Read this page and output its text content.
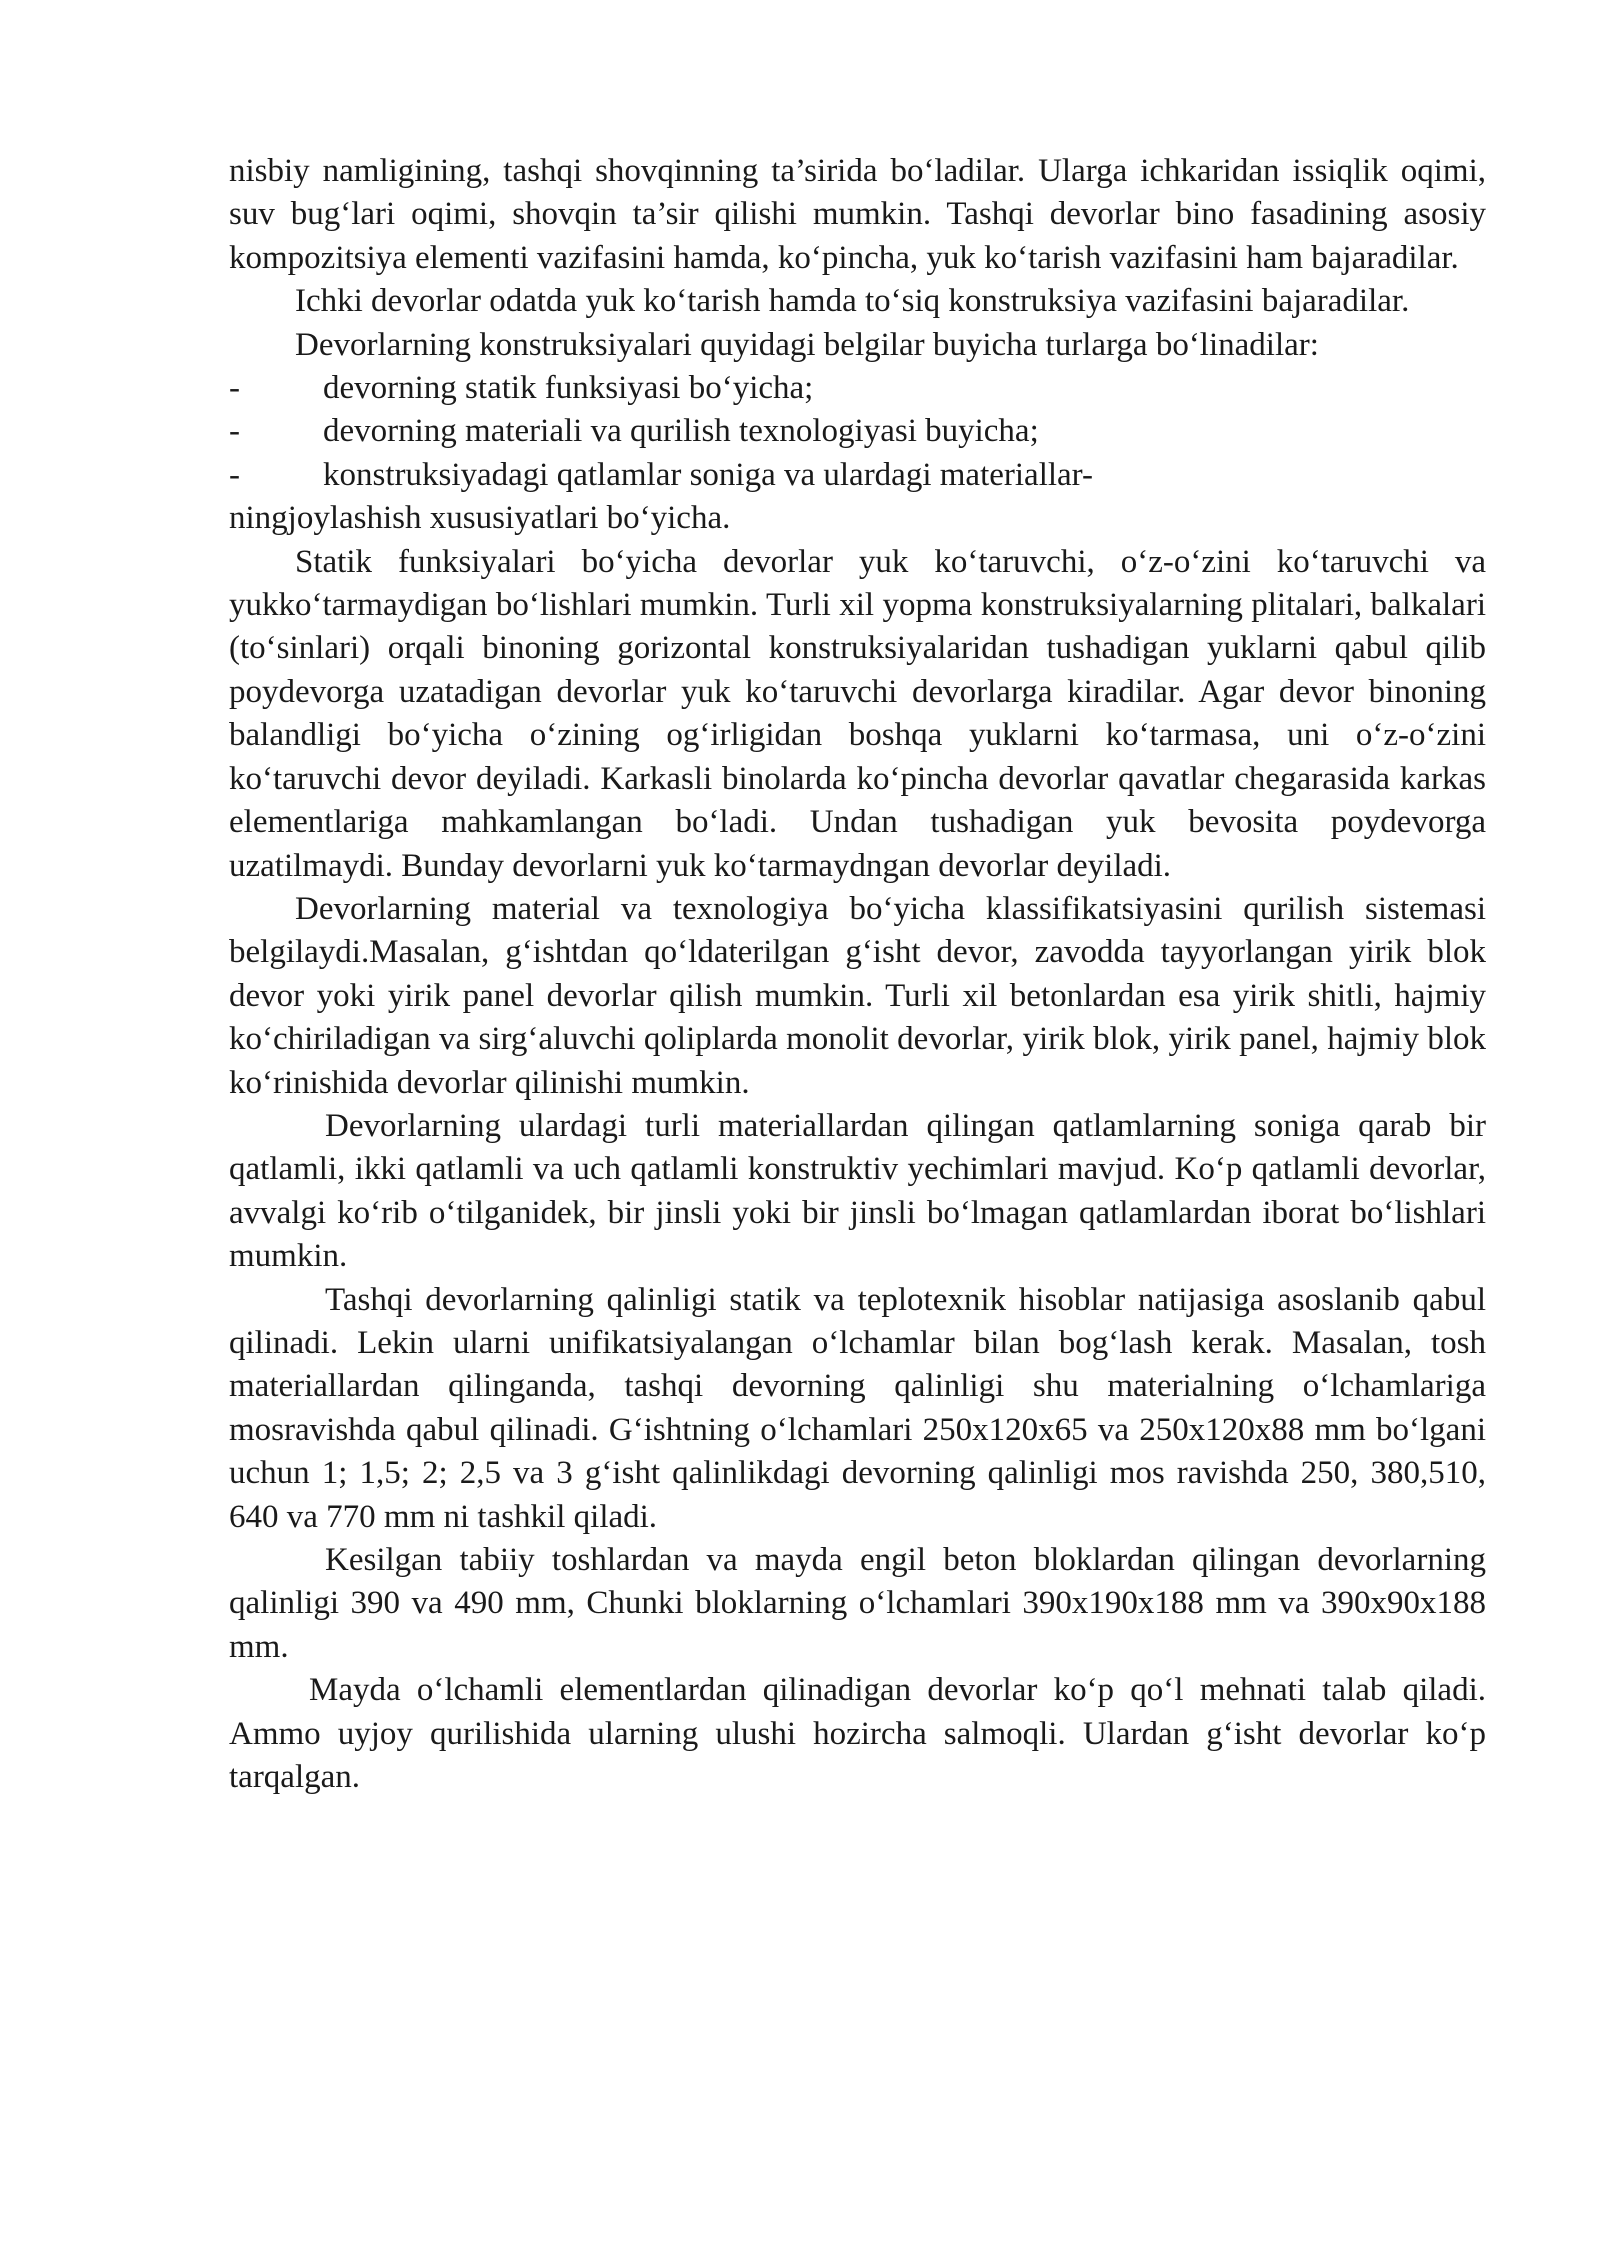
nisbiy namligining, tashqi shovqinning ta’sirida bo‘ladilar. Ularga ichkaridan issiqlik oqimi, suv bug‘lari oqimi, shovqin ta’sir qilishi mumkin. Tashqi devorlar bino fasadining asosiy kompozitsiya elementi vazifasini hamda, ko‘pincha, yuk ko‘tarish vazifasini ham bajaradilar.

Ichki devorlar odatda yuk ko‘tarish hamda to‘siq konstruksiya vazifasini bajaradilar.

Devorlarning konstruksiyalari quyidagi belgilar buyicha turlarga bo‘linadilar:

-	devorning statik funksiyasi bo‘yicha;
-	devorning materiali va qurilish texnologiyasi buyicha;
-	konstruksiyadagi qatlamlar soniga va ulardagi materiallar-

ningjoylashish xususiyatlari bo‘yicha.

Statik funksiyalari bo‘yicha devorlar yuk ko‘taruvchi, o‘z-o‘zini ko‘taruvchi va yukko‘tarmaydigan bo‘lishlari mumkin. Turli xil yopma konstruksiyalarning plitalari, balkalari (to‘sinlari) orqali binoning gorizontal konstruksiyalaridan tushadigan yuklarni qabul qilib poydevorga uzatadigan devorlar yuk ko‘taruvchi devorlarga kiradilar. Agar devor binoning balandligi bo‘yicha o‘zining og‘irligidan boshqa yuklarni ko‘tarmasa, uni o‘z-o‘zini ko‘taruvchi devor deyiladi. Karkasli binolarda ko‘pincha devorlar qavatlar chegarasida karkas elementlariga mahkamlangan bo‘ladi. Undan tushadigan yuk bevosita poydevorga uzatilmaydi. Bunday devorlarni yuk ko‘tarmaydngan devorlar deyiladi.

Devorlarning material va texnologiya bo‘yicha klassifikatsiyasini qurilish sistemasi belgilaydi.Masalan, g‘ishtdan qo‘ldaterilgan g‘isht devor, zavodda tayyorlangan yirik blok devor yoki yirik panel devorlar qilish mumkin. Turli xil betonlardan esa yirik shitli, hajmiy ko‘chiriladigan va sirg‘aluvchi qoliplarda monolit devorlar, yirik blok, yirik panel, hajmiy blok ko‘rinishida devorlar qilinishi mumkin.

Devorlarning ulardagi turli materiallardan qilingan qatlamlarning soniga qarab bir qatlamli, ikki qatlamli va uch qatlamli konstruktiv yechimlari mavjud. Ko‘p qatlamli devorlar, avvalgi ko‘rib o‘tilganidek, bir jinsli yoki bir jinsli bo‘lmagan qatlamlardan iborat bo‘lishlari mumkin.

Tashqi devorlarning qalinligi statik va teplotexnik hisoblar natijasiga asoslanib qabul qilinadi. Lekin ularni unifikatsiyalangan o‘lchamlar bilan bog‘lash kerak. Masalan, tosh materiallardan qilinganda, tashqi devorning qalinligi shu materialning o‘lchamlariga mosravishda qabul qilinadi. G‘ishtning o‘lchamlari 250x120x65 va 250x120x88 mm bo‘lgani uchun 1; 1,5; 2; 2,5 va 3 g‘isht qalinlikdagi devorning qalinligi mos ravishda 250, 380,510, 640 va 770 mm ni tashkil qiladi.

Kesilgan tabiiy toshlardan va mayda engil beton bloklardan qilingan devorlarning qalinligi 390 va 490 mm, Chunki bloklarning o‘lchamlari 390x190x188 mm va 390x90x188 mm.

Mayda o‘lchamli elementlardan qilinadigan devorlar ko‘p qo‘l mehnati talab qiladi. Ammo uyjoy qurilishida ularning ulushi hozircha salmoqli. Ulardan g‘isht devorlar ko‘p tarqalgan.
